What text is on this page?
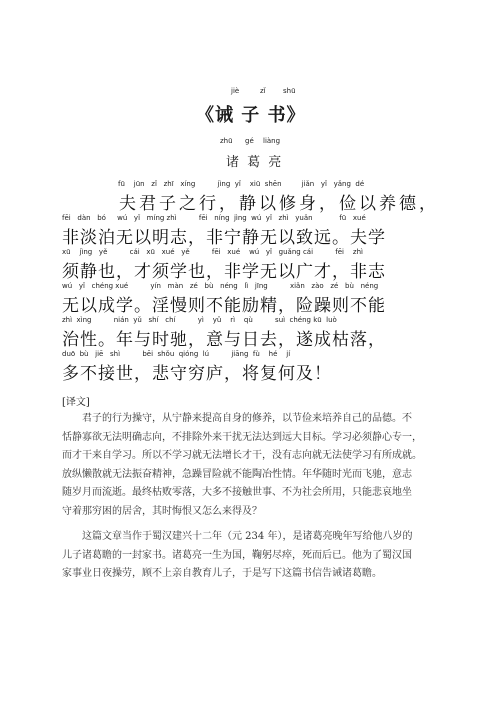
jiè	zǐ shū
《诫 子 书》
zhū gé liàng
诸 葛 亮
fū    jūn   zǐ   zhī   xíng          jìng  yǐ    xiū  shēn         jiǎn   yǐ   yǎng  dé
夫君子之行，静以修身，俭以养德，
fēi   dàn   bó     wú   yǐ   míng zhì          fēi   níng  jìng  wú  yǐ   zhì   yuǎn            fū   xué
非淡泊无以明志，非宁静无以致远。夫学
xū    jìng   yě          cái   xū   xué   yě          fēi   xué    wú   yǐ   guǎng cái          fēi    zhì
须静也，才须学也，非学无以广才，非志
wú   yǐ   chéng xué          yín   màn   zé   bù   néng   lì   jīng          xiǎn   zào   zé   bù   néng
无以成学。淫慢则不能励精，险躁则不能
zhì  xìng          nián  yǔ   shí   chí          yì    yǔ    rì    qù          suì  chéng kū  luò
治性。年与时驰，意与日去，遂成枯落，
duō  bù   jiē   shì          bēi  shǒu  qióng  lú          jiāng  fù    hé    jí
多不接世，悲守穷庐，将复何及！
[译文]
君子的行为操守，从宁静来提高自身的修养，以节俭来培养自己的品德。不
恬静寡欲无法明确志向，不排除外来干扰无法达到远大目标。学习必须静心专一，
而才干来自学习。所以不学习就无法增长才干，没有志向就无法使学习有所成就。
放纵懒散就无法振奋精神，急躁冒险就不能陶冶性情。年华随时光而飞驰，意志
随岁月而流逝。最终枯败零落，大多不接触世事、不为社会所用，只能悲哀地坐
守着那穷困的居舍，其时悔恨又怎么来得及？
这篇文章当作于蜀汉建兴十二年（元 234 年），是诸葛亮晚年写给他八岁的
儿子诸葛瞻的一封家书。诸葛亮一生为国，鞠躬尽瘁，死而后已。他为了蜀汉国
家事业日夜操劳，顾不上亲自教育儿子，于是写下这篇书信告诫诸葛瞻。
